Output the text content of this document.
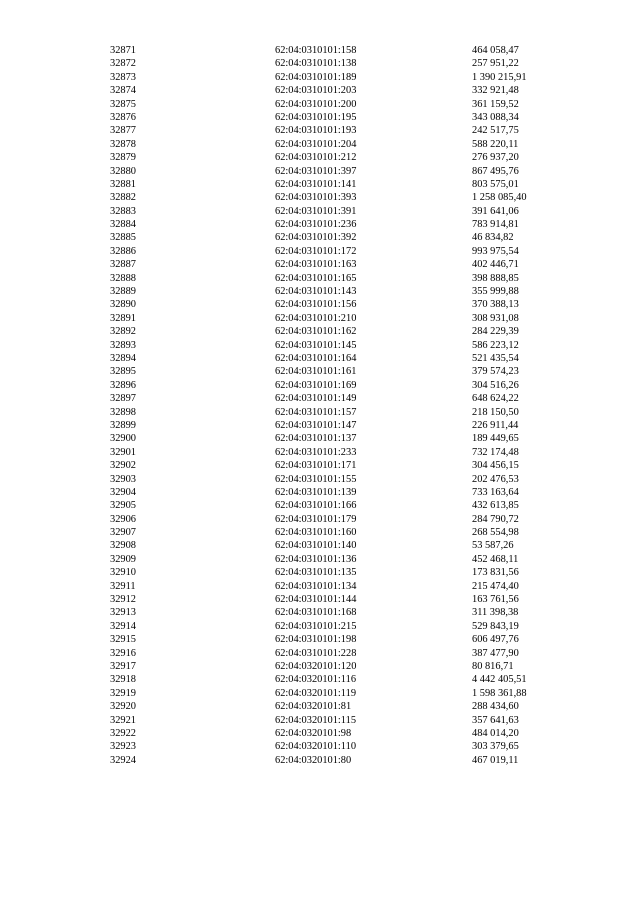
32871	62:04:0310101:158	464 058,47
32872	62:04:0310101:138	257 951,22
32873	62:04:0310101:189	1 390 215,91
32874	62:04:0310101:203	332 921,48
32875	62:04:0310101:200	361 159,52
32876	62:04:0310101:195	343 088,34
32877	62:04:0310101:193	242 517,75
32878	62:04:0310101:204	588 220,11
32879	62:04:0310101:212	276 937,20
32880	62:04:0310101:397	867 495,76
32881	62:04:0310101:141	803 575,01
32882	62:04:0310101:393	1 258 085,40
32883	62:04:0310101:391	391 641,06
32884	62:04:0310101:236	783 914,81
32885	62:04:0310101:392	46 834,82
32886	62:04:0310101:172	993 975,54
32887	62:04:0310101:163	402 446,71
32888	62:04:0310101:165	398 888,85
32889	62:04:0310101:143	355 999,88
32890	62:04:0310101:156	370 388,13
32891	62:04:0310101:210	308 931,08
32892	62:04:0310101:162	284 229,39
32893	62:04:0310101:145	586 223,12
32894	62:04:0310101:164	521 435,54
32895	62:04:0310101:161	379 574,23
32896	62:04:0310101:169	304 516,26
32897	62:04:0310101:149	648 624,22
32898	62:04:0310101:157	218 150,50
32899	62:04:0310101:147	226 911,44
32900	62:04:0310101:137	189 449,65
32901	62:04:0310101:233	732 174,48
32902	62:04:0310101:171	304 456,15
32903	62:04:0310101:155	202 476,53
32904	62:04:0310101:139	733 163,64
32905	62:04:0310101:166	432 613,85
32906	62:04:0310101:179	284 790,72
32907	62:04:0310101:160	268 554,98
32908	62:04:0310101:140	53 587,26
32909	62:04:0310101:136	452 468,11
32910	62:04:0310101:135	173 831,56
32911	62:04:0310101:134	215 474,40
32912	62:04:0310101:144	163 761,56
32913	62:04:0310101:168	311 398,38
32914	62:04:0310101:215	529 843,19
32915	62:04:0310101:198	606 497,76
32916	62:04:0310101:228	387 477,90
32917	62:04:0320101:120	80 816,71
32918	62:04:0320101:116	4 442 405,51
32919	62:04:0320101:119	1 598 361,88
32920	62:04:0320101:81	288 434,60
32921	62:04:0320101:115	357 641,63
32922	62:04:0320101:98	484 014,20
32923	62:04:0320101:110	303 379,65
32924	62:04:0320101:80	467 019,11
